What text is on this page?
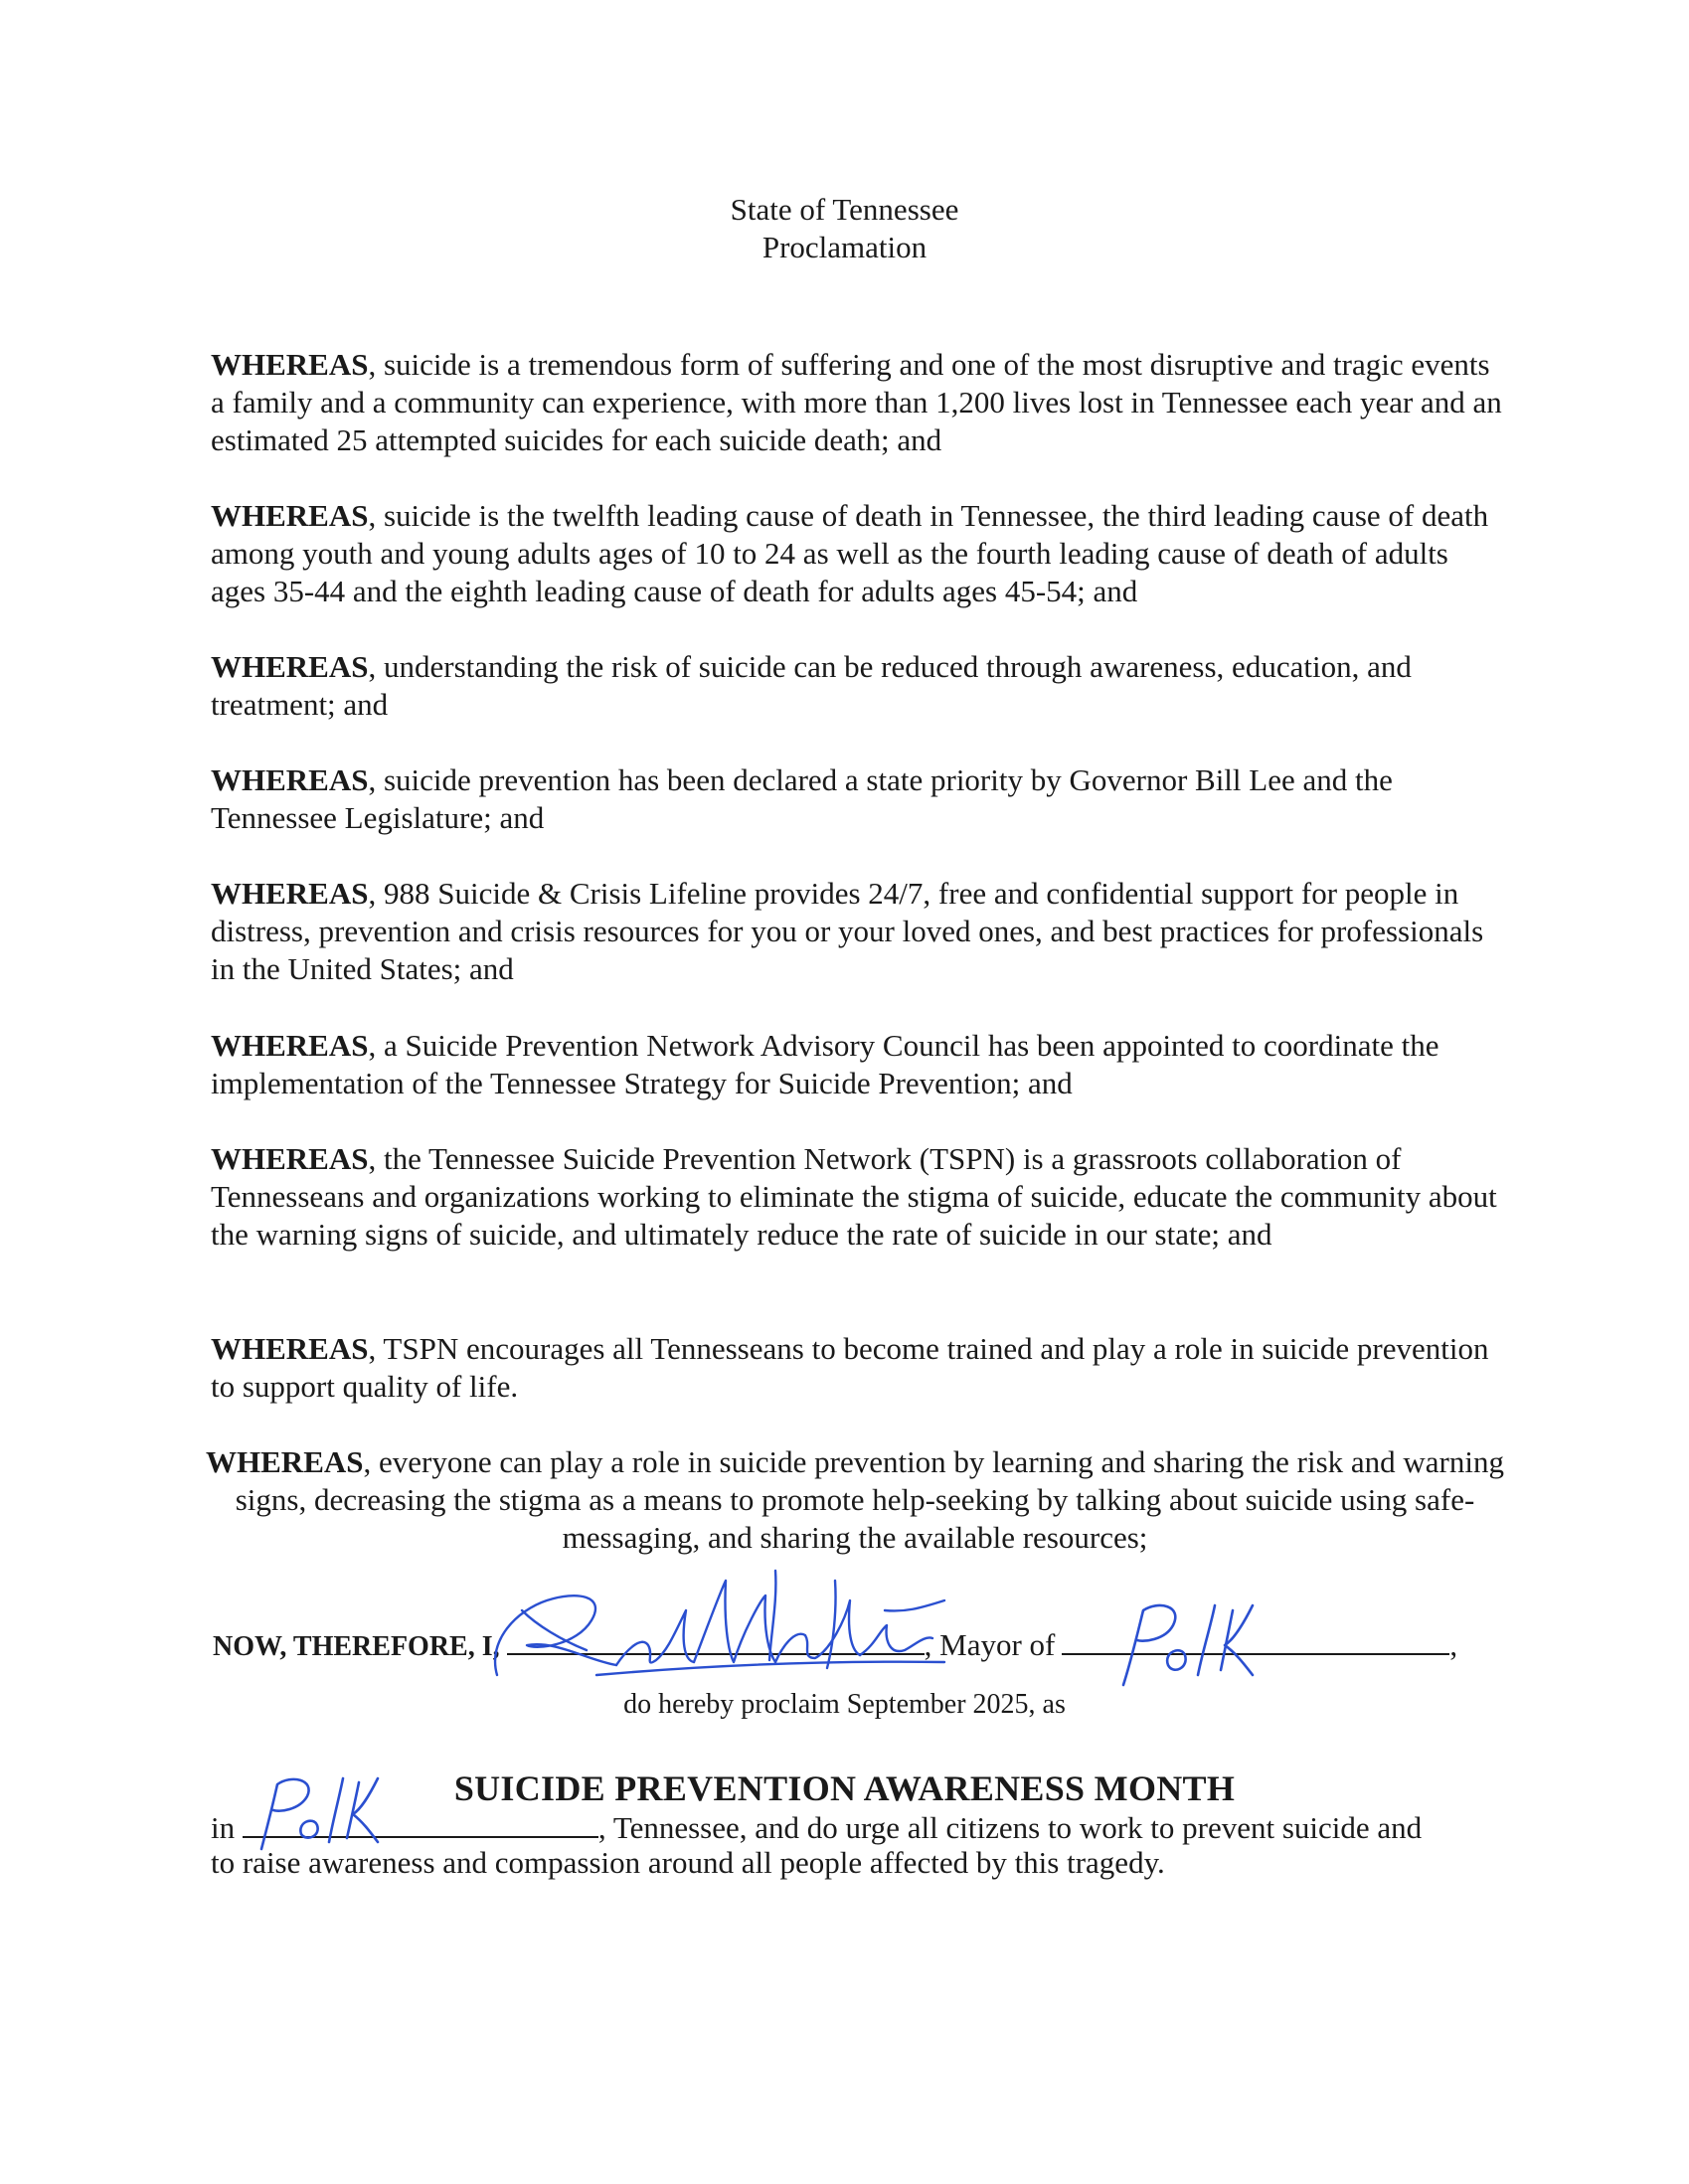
State of Tennessee
Proclamation
WHEREAS, suicide is a tremendous form of suffering and one of the most disruptive and tragic events a family and a community can experience, with more than 1,200 lives lost in Tennessee each year and an estimated 25 attempted suicides for each suicide death; and
WHEREAS, suicide is the twelfth leading cause of death in Tennessee, the third leading cause of death among youth and young adults ages of 10 to 24 as well as the fourth leading cause of death of adults ages 35-44 and the eighth leading cause of death for adults ages 45-54; and
WHEREAS, understanding the risk of suicide can be reduced through awareness, education, and treatment; and
WHEREAS, suicide prevention has been declared a state priority by Governor Bill Lee and the Tennessee Legislature; and
WHEREAS, 988 Suicide & Crisis Lifeline provides 24/7, free and confidential support for people in distress, prevention and crisis resources for you or your loved ones, and best practices for professionals in the United States; and
WHEREAS, a Suicide Prevention Network Advisory Council has been appointed to coordinate the implementation of the Tennessee Strategy for Suicide Prevention; and
WHEREAS, the Tennessee Suicide Prevention Network (TSPN) is a grassroots collaboration of Tennesseans and organizations working to eliminate the stigma of suicide, educate the community about the warning signs of suicide, and ultimately reduce the rate of suicide in our state; and
WHEREAS, TSPN encourages all Tennesseans to become trained and play a role in suicide prevention to support quality of life.
WHEREAS, everyone can play a role in suicide prevention by learning and sharing the risk and warning signs, decreasing the stigma as a means to promote help-seeking by talking about suicide using safe-messaging, and sharing the available resources;
NOW, THEREFORE, I,	, Mayor of	,
do hereby proclaim September 2025, as
SUICIDE PREVENTION AWARENESS MONTH
in	, Tennessee, and do urge all citizens to work to prevent suicide and
to raise awareness and compassion around all people affected by this tragedy.
